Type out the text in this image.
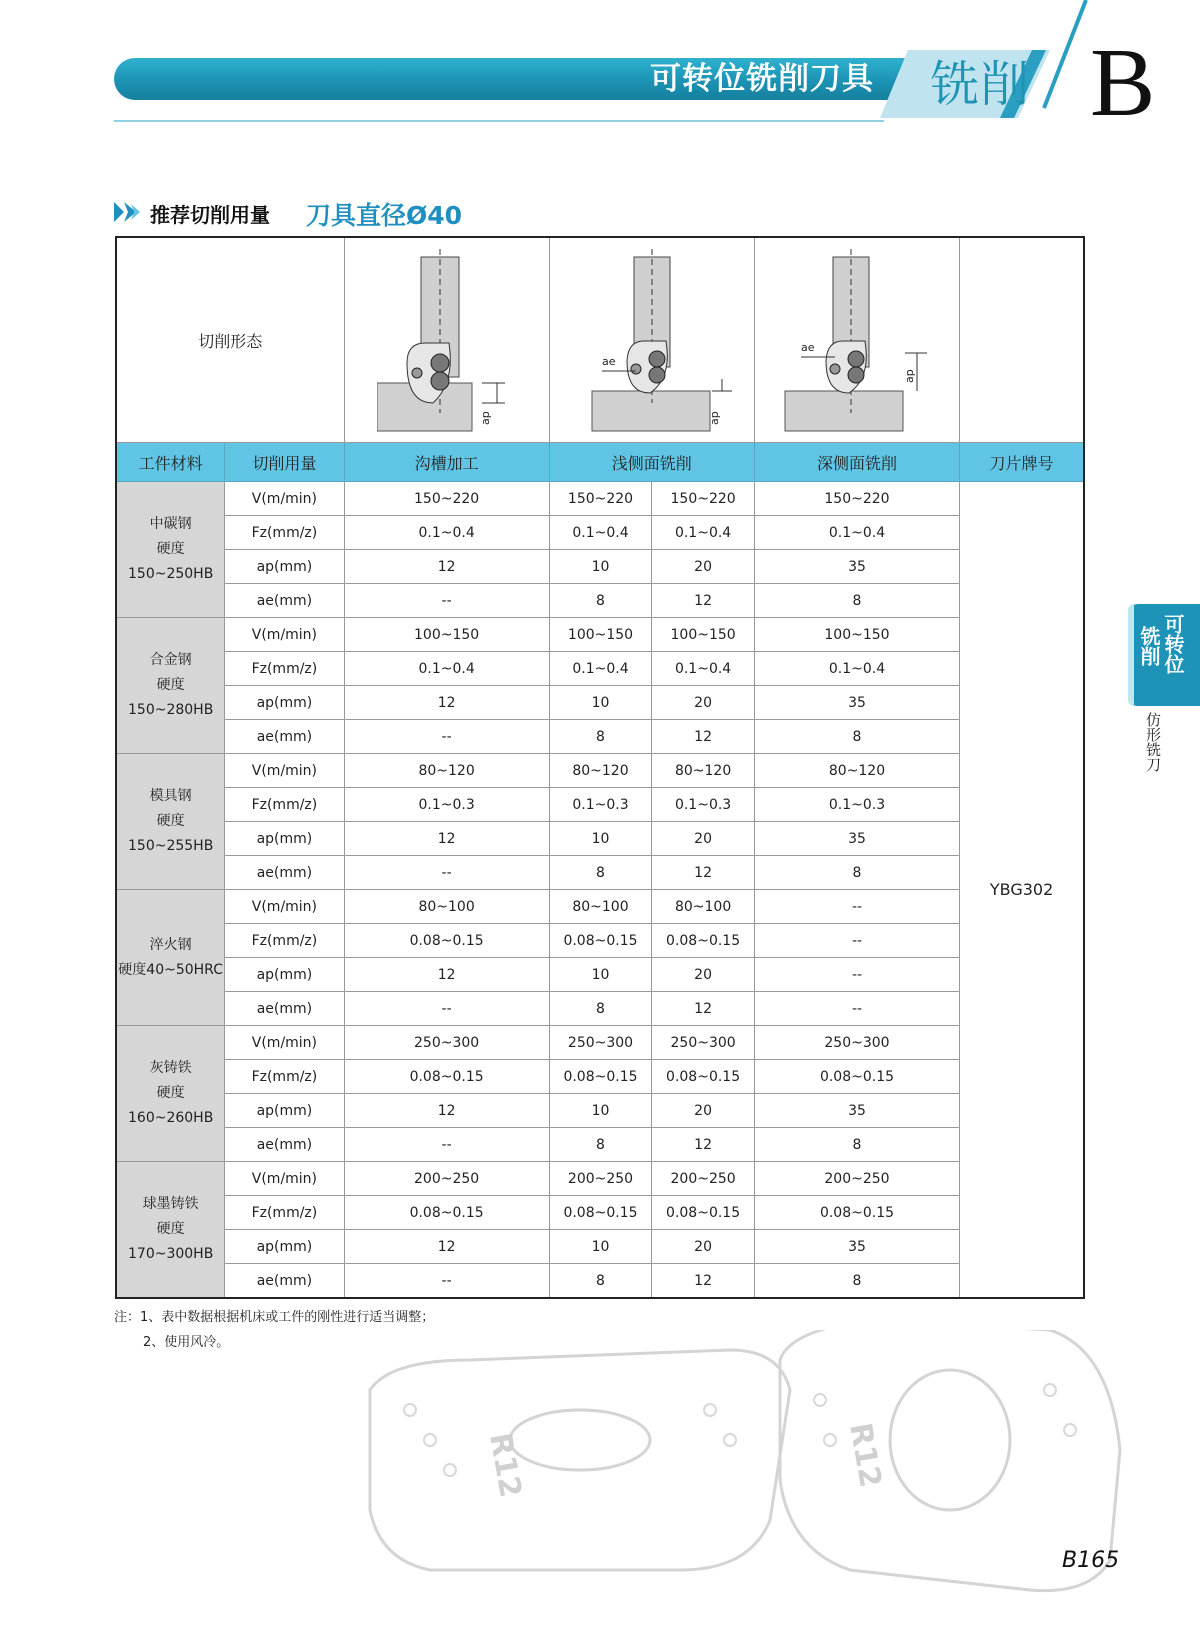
可转位铣削刀具	铣削 B
推荐切削用量 刀具直径Ø40
切削形态		ap	ae
ap		ae
ap	

工件材料	切削用量	沟槽加工	浅侧面铣削		深侧面铣削	刀片牌号

中碳钢
硬度
150~250HB	V(m/min)	150~220	150~220	150~220	150~220	YBG302
	Fz(mm/z)	0.1~0.4	0.1~0.4	0.1~0.4	0.1~0.4	
	ap(mm)	12	10	20	35	
	ae(mm)	--	8	12	8	

合金钢
硬度
150~280HB	V(m/min)	100~150	100~150	100~150	100~150	
	Fz(mm/z)	0.1~0.4	0.1~0.4	0.1~0.4	0.1~0.4	
	ap(mm)	12	10	20	35	
	ae(mm)	--	8	12	8	

模具钢
硬度
150~255HB	V(m/min)	80~120	80~120	80~120	80~120	
	Fz(mm/z)	0.1~0.3	0.1~0.3	0.1~0.3	0.1~0.3	
	ap(mm)	12	10	20	35	
	ae(mm)	--	8	12	8	

淬火钢
硬度40~50HRC	V(m/min)	80~100	80~100	80~100	--	
	Fz(mm/z)	0.08~0.15	0.08~0.15	0.08~0.15	--	
	ap(mm)	12	10	20	--	
	ae(mm)	--	8	12	--	

灰铸铁
硬度
160~260HB	V(m/min)	250~300	250~300	250~300	250~300	
	Fz(mm/z)	0.08~0.15	0.08~0.15	0.08~0.15	0.08~0.15	
	ap(mm)	12	10	20	35	
	ae(mm)	--	8	12	8	

球墨铸铁
硬度
170~300HB	V(m/min)	200~250	200~250	200~250	200~250	
	Fz(mm/z)	0.08~0.15	0.08~0.15	0.08~0.15	0.08~0.15	
	ap(mm)	12	10	20	35	
	ae(mm)	--	8	12	8	
注：1、表中数据根据机床或工件的刚性进行适当调整；
2、使用风冷。
可转位
铣削
仿形铣刀
R12	R12
B165
